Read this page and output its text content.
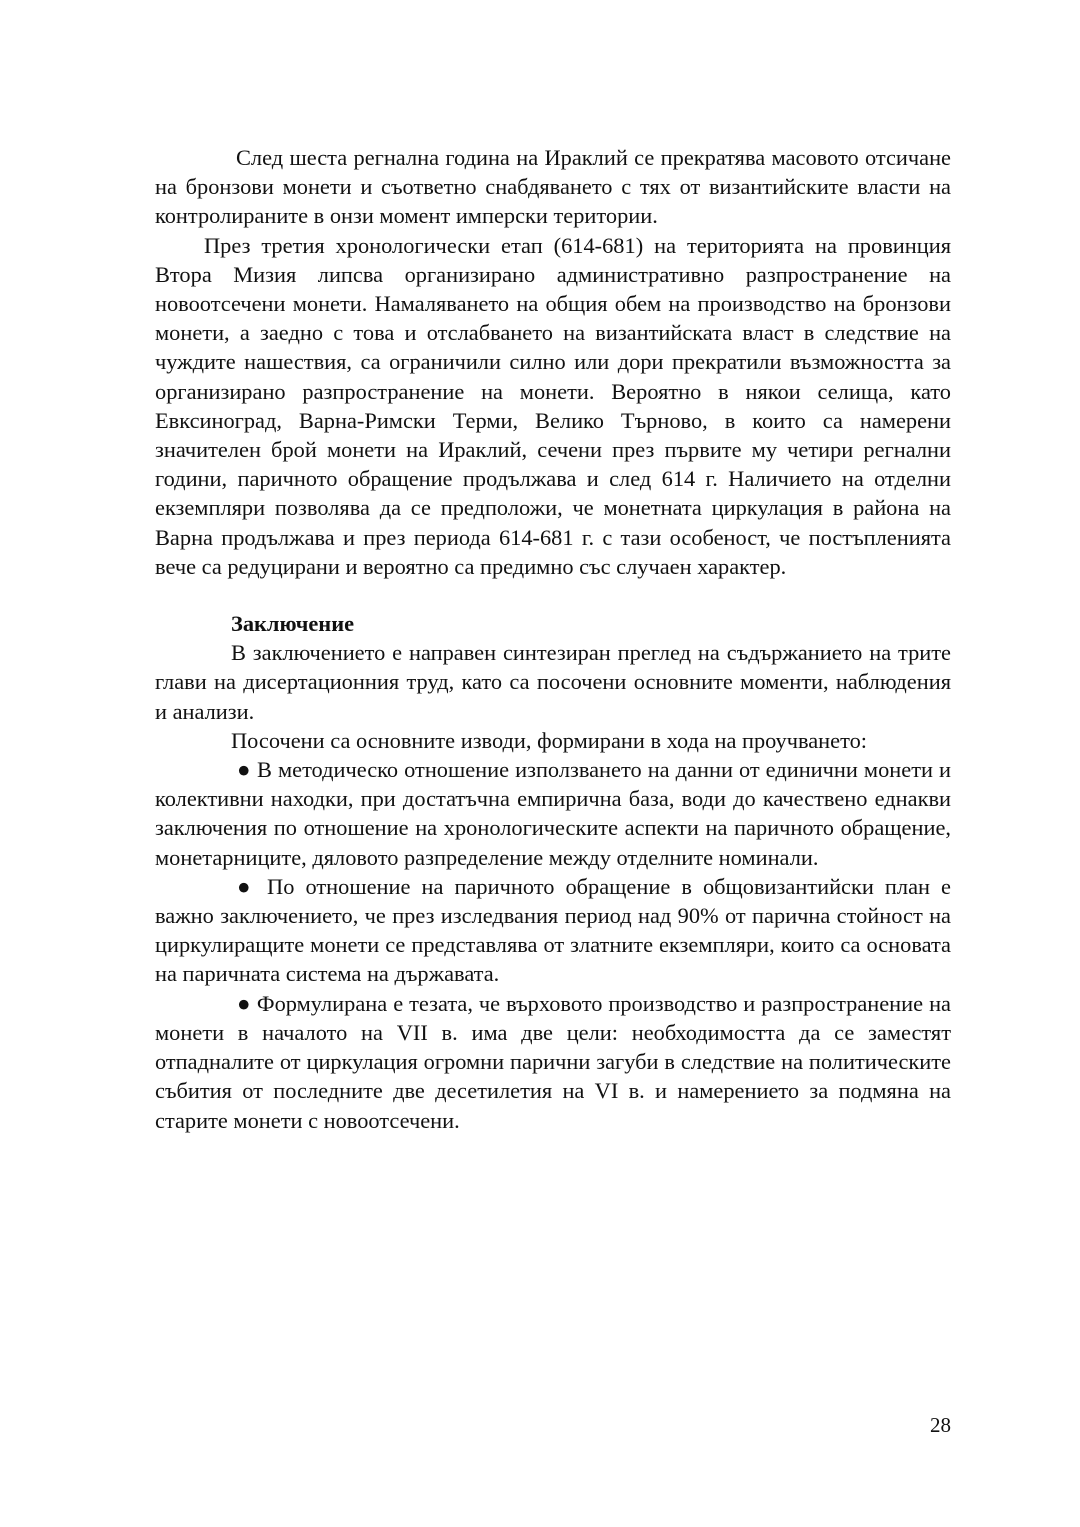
След шеста регнална година на Ираклий се прекратява масовото отсичане на бронзови монети и съответно снабдяването с тях от византийските власти на контролираните в онзи момент имперски територии.

През третия хронологически етап (614-681) на територията на провинция Втора Мизия липсва организирано административно разпространение на новоотсечени монети. Намаляването на общия обем на производство на бронзови монети, а заедно с това и отслабването на византийската власт в следствие на чуждите нашествия, са ограничили силно или дори прекратили възможността за организирано разпространение на монети. Вероятно в някои селища, като Евксиноград, Варна-Римски Терми, Велико Търново, в които са намерени значителен брой монети на Ираклий, сечени през първите му четири регнални години, паричното обращение продължава и след 614 г. Наличието на отделни екземпляри позволява да се предположи, че монетната циркулация в района на Варна продължава и през периода 614-681 г. с тази особеност, че постъпленията вече са редуцирани и вероятно са предимно със случаен характер.

Заключение

В заключението е направен синтезиран преглед на съдържанието на трите глави на дисертационния труд, като са посочени основните моменти, наблюдения и анализи.

Посочени са основните изводи, формирани в хода на проучването:

● В методическо отношение използването на данни от единични монети и колективни находки, при достатъчна емпирична база, води до качествено еднакви заключения по отношение на хронологическите аспекти на паричното обращение, монетарниците, дяловото разпределение между отделните номинали.

● По отношение на паричното обращение в общовизантийски план е важно заключението, че през изследвания период над 90% от парична стойност на циркулиращите монети се представлява от златните екземпляри, които са основата на паричната система на държавата.

● Формулирана е тезата, че върховото производство и разпространение на монети в началото на VII в. има две цели: необходимостта да се заместят отпадналите от циркулация огромни парични загуби в следствие на политическите събития от последните две десетилетия на VI в. и намерението за подмяна на старите монети с новоотсечени.

28
